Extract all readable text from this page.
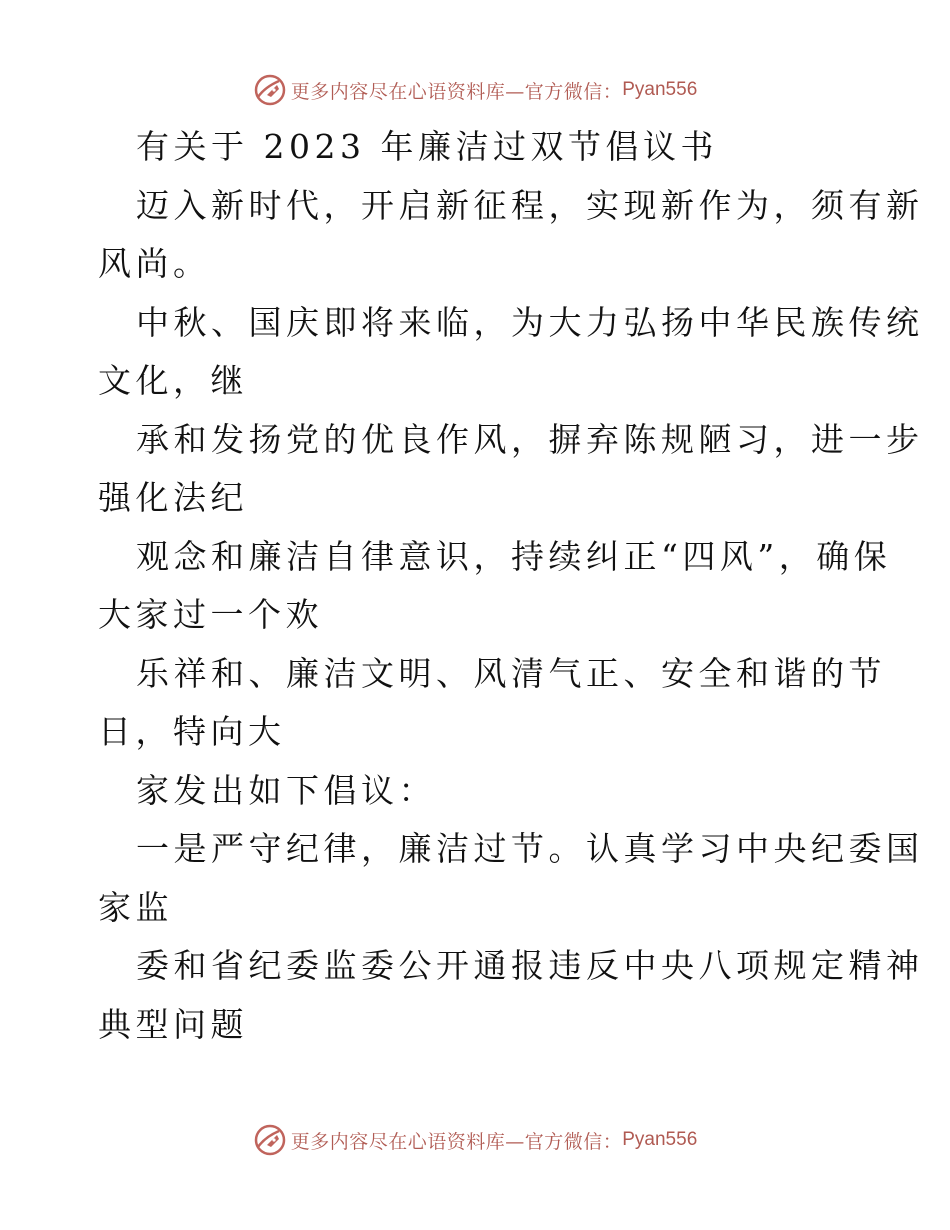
更多内容尽在心语资料库—官方微信： Pyan556
有关于 2023 年廉洁过双节倡议书
迈入新时代，开启新征程，实现新作为，须有新
风尚。
中秋、国庆即将来临，为大力弘扬中华民族传统
文化，继
承和发扬党的优良作风，摒弃陈规陋习，进一步
强化法纪
观念和廉洁自律意识，持续纠正“四风”，确保
大家过一个欢
乐祥和、廉洁文明、风清气正、安全和谐的节
日，特向大
家发出如下倡议：
一是严守纪律，廉洁过节。认真学习中央纪委国
家监
委和省纪委监委公开通报违反中央八项规定精神
典型问题
更多内容尽在心语资料库—官方微信： Pyan556
